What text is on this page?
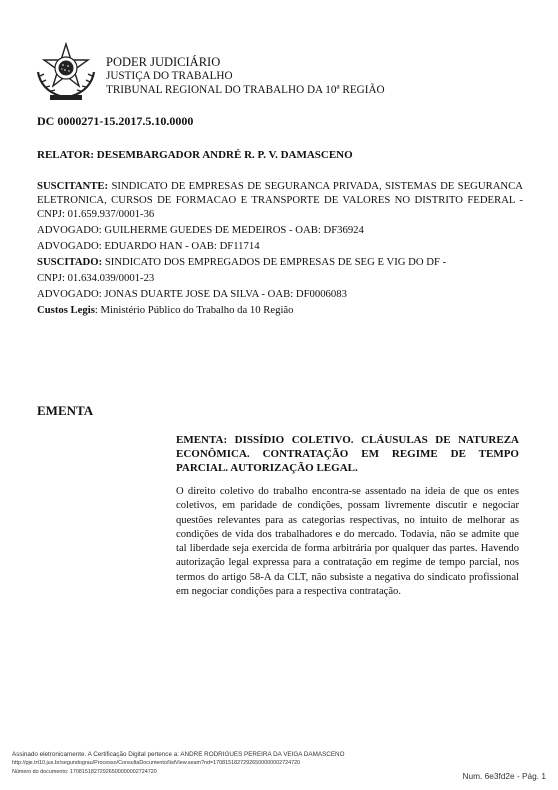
PODER JUDICIÁRIO
JUSTIÇA DO TRABALHO
TRIBUNAL REGIONAL DO TRABALHO DA 10ª REGIÃO
DC 0000271-15.2017.5.10.0000
RELATOR: DESEMBARGADOR ANDRÉ R. P. V. DAMASCENO

SUSCITANTE: SINDICATO DE EMPRESAS DE SEGURANCA PRIVADA, SISTEMAS DE SEGURANCA ELETRONICA, CURSOS DE FORMACAO E TRANSPORTE DE VALORES NO DISTRITO FEDERAL - CNPJ: 01.659.937/0001-36

ADVOGADO: GUILHERME GUEDES DE MEDEIROS - OAB: DF36924

ADVOGADO: EDUARDO HAN - OAB: DF11714

SUSCITADO: SINDICATO DOS EMPREGADOS DE EMPRESAS DE SEG E VIG DO DF -

CNPJ: 01.634.039/0001-23

ADVOGADO: JONAS DUARTE JOSE DA SILVA - OAB: DF0006083

Custos Legis: Ministério Público do Trabalho da 10 Região

EMENTA
EMENTA: DISSÍDIO COLETIVO. CLÁUSULAS DE NATUREZA ECONÔMICA. CONTRATAÇÃO EM REGIME DE TEMPO PARCIAL. AUTORIZAÇÃO LEGAL.
O direito coletivo do trabalho encontra-se assentado na ideia de que os entes coletivos, em paridade de condições, possam livremente discutir e negociar questões relevantes para as categorias respectivas, no intuito de melhorar as condições de vida dos trabalhadores e do mercado. Todavia, não se admite que tal liberdade seja exercida de forma arbitrária por qualquer das partes. Havendo autorização legal expressa para a contratação em regime de tempo parcial, nos termos do artigo 58-A da CLT, não subsiste a negativa do sindicato profissional em negociar condições para a respectiva contratação.
Assinado eletronicamente. A Certificação Digital pertence a: ANDRE RODRIGUES PEREIRA DA VEIGA DAMASCENO
http://pje.trt10.jus.br/segundograu/Processo/ConsultaDocumento/listView.seam?nd=17081518272926500000002724720
Número do documento: 17081518272926500000002724720	Num. 6e3fd2e - Pág. 1
